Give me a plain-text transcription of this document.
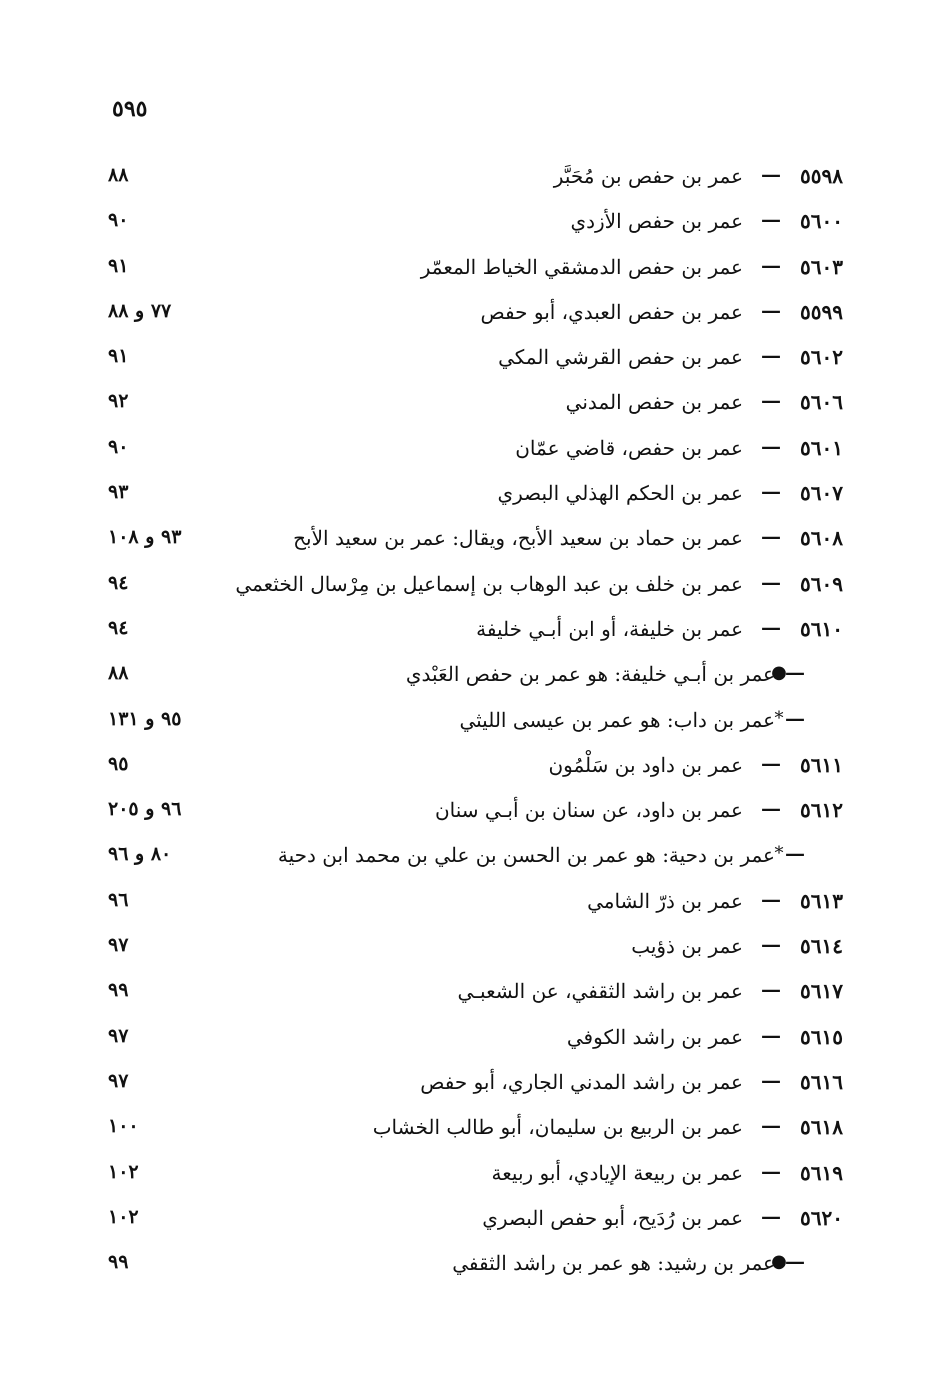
٥٩٥
٥٥٩٨
—
عمر بن حفص بن مُحَبَّر
٨٨
٥٦٠٠
—
عمر بن حفص الأزدي
٩٠
٥٦٠٣
—
عمر بن حفص الدمشقي الخياط المعمّر
٩١
٥٥٩٩
—
عمر بن حفص العبدي، أبو حفص
٧٧ و ٨٨
٥٦٠٢
—
عمر بن حفص القرشي المكي
٩١
٥٦٠٦
—
عمر بن حفص المدني
٩٢
٥٦٠١
—
عمر بن حفص، قاضي عمّان
٩٠
٥٦٠٧
—
عمر بن الحكم الهذلي البصري
٩٣
٥٦٠٨
—
عمر بن حماد بن سعيد الأبح، ويقال: عمر بن سعيد الأبح
٩٣ و ١٠٨
٥٦٠٩
—
عمر بن خلف بن عبد الوهاب بن إسماعيل بن مِرْسال الخثعمي
٩٤
٥٦١٠
—
عمر بن خليفة، أو ابن أبـي خليفة
٩٤
●
—
عمر بن أبـي خليفة: هو عمر بن حفص العَبْدي
٨٨
* —
عمر بن داب: هو عمر بن عيسى الليثي
٩٥ و ١٣١
٥٦١١
—
عمر بن داود بن سَلْمُون
٩٥
٥٦١٢
—
عمر بن داود، عن سنان بن أبـي سنان
٩٦ و ٢٠٥
* —
عمر بن دحية: هو عمر بن الحسن بن علي بن محمد ابن دحية
٨٠ و ٩٦
٥٦١٣
—
عمر بن ذرّ الشامي
٩٦
٥٦١٤
—
عمر بن ذؤيب
٩٧
٥٦١٧
—
عمر بن راشد الثقفي، عن الشعبـي
٩٩
٥٦١٥
—
عمر بن راشد الكوفي
٩٧
٥٦١٦
—
عمر بن راشد المدني الجاري، أبو حفص
٩٧
٥٦١٨
—
عمر بن الربيع بن سليمان، أبو طالب الخشاب
١٠٠
٥٦١٩
—
عمر بن ربيعة الإيادي، أبو ربيعة
١٠٢
٥٦٢٠
—
عمر بن رُدَيح، أبو حفص البصري
١٠٢
●
—
عمر بن رشيد: هو عمر بن راشد الثقفي
٩٩
